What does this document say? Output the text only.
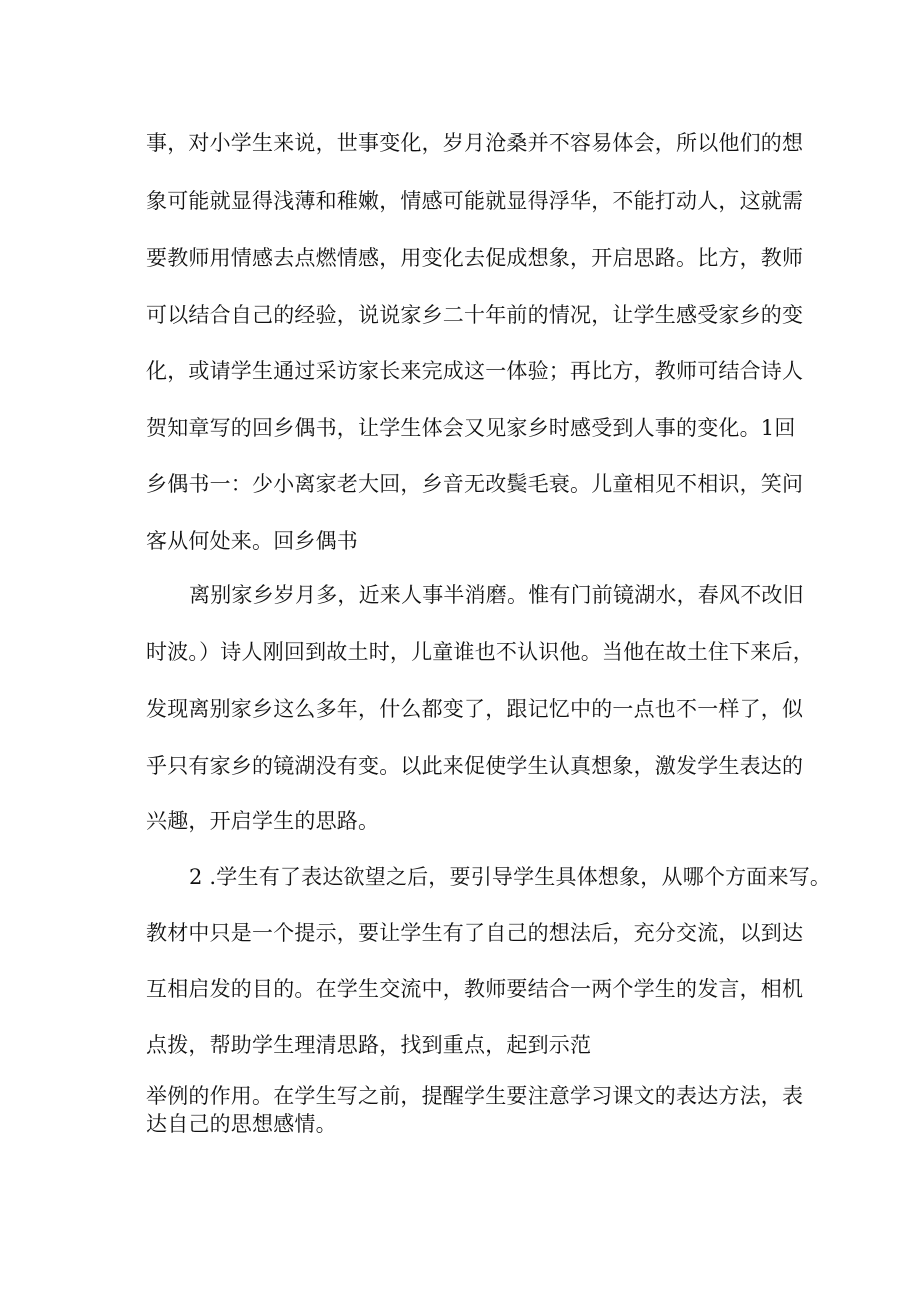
事，对小学生来说，世事变化，岁月沧桑并不容易体会，所以他们的想
象可能就显得浅薄和稚嫩，情感可能就显得浮华，不能打动人，这就需
要教师用情感去点燃情感，用变化去促成想象，开启思路。比方，教师
可以结合自己的经验，说说家乡二十年前的情况，让学生感受家乡的变
化，或请学生通过采访家长来完成这一体验；再比方，教师可结合诗人
贺知章写的回乡偶书，让学生体会又见家乡时感受到人事的变化。1回
乡偶书一：少小离家老大回，乡音无改鬓毛衰。儿童相见不相识，笑问
客从何处来。回乡偶书
离别家乡岁月多，近来人事半消磨。惟有门前镜湖水，春风不改旧
时波。）诗人刚回到故土时，儿童谁也不认识他。当他在故土住下来后，
发现离别家乡这么多年，什么都变了，跟记忆中的一点也不一样了，似
乎只有家乡的镜湖没有变。以此来促使学生认真想象，激发学生表达的
兴趣，开启学生的思路。
2 .学生有了表达欲望之后，要引导学生具体想象，从哪个方面来写。
教材中只是一个提示，要让学生有了自己的想法后，充分交流，以到达
互相启发的目的。在学生交流中，教师要结合一两个学生的发言，相机
点拨，帮助学生理清思路，找到重点，起到示范
举例的作用。在学生写之前，提醒学生要注意学习课文的表达方法，表
达自己的思想感情。
